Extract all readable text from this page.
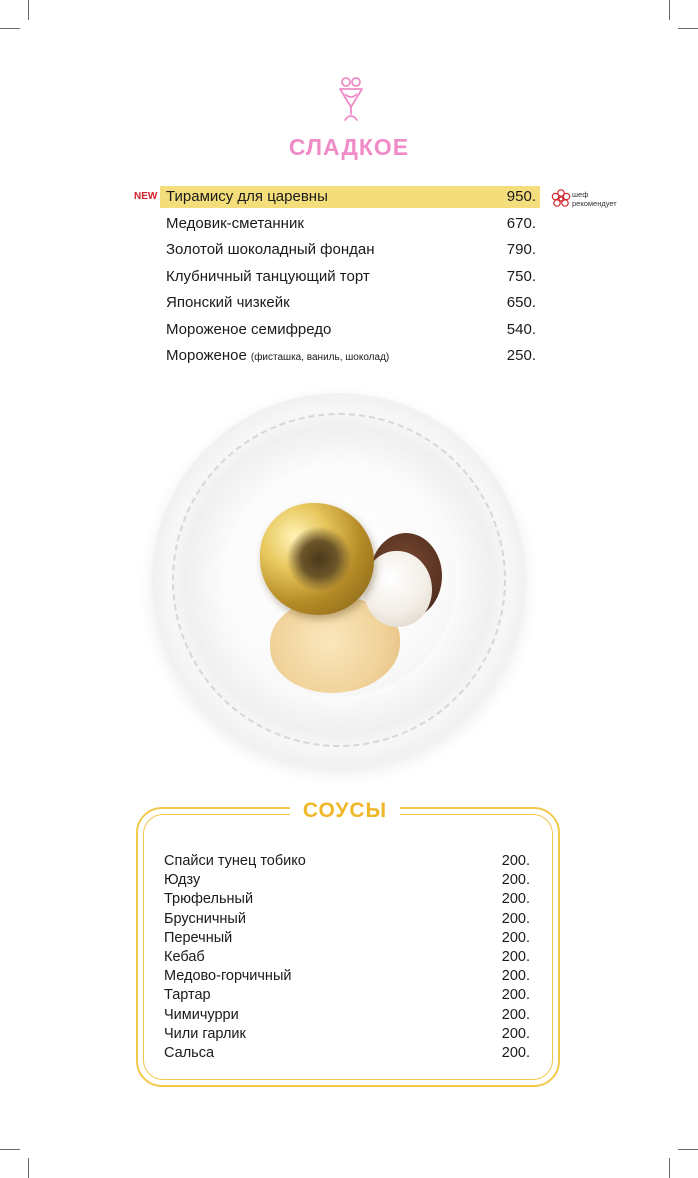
СЛАДКОЕ
NEW Тирамису для царевны	950.
Медовик-сметанник	670.
Золотой шоколадный фондан	790.
Клубничный танцующий торт	750.
Японский чизкейк	650.
Мороженое семифредо	540.
Мороженое (фисташка, ваниль, шоколад)	250.
шеф
рекомендует
СОУСЫ
Спайси тунец тобико	200.
Юдзу	200.
Трюфельный	200.
Брусничный	200.
Перечный	200.
Кебаб	200.
Медово-горчичный	200.
Тартар	200.
Чимичурри	200.
Чили гарлик	200.
Сальса	200.
